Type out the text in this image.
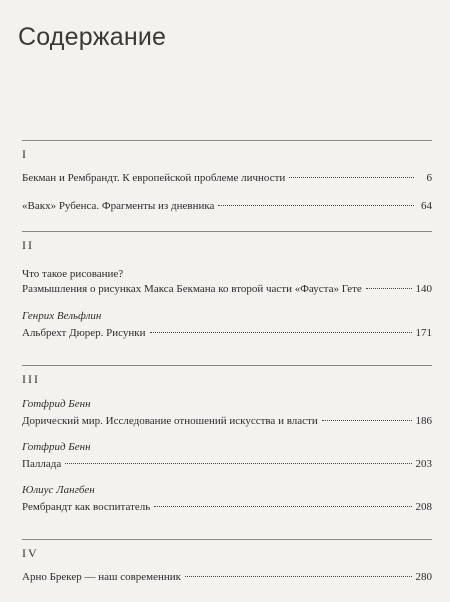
Содержание
I
Бекман и Рембрандт. К европейской проблеме личности	6
«Вакх» Рубенса. Фрагменты из дневника	64
II
Что такое рисование?
Размышления о рисунках Макса Бекмана ко второй части «Фауста» Гете	140
Генрих Вельфлин
Альбрехт Дюрер. Рисунки	171
III
Готфрид Бенн
Дорический мир. Исследование отношений искусства и власти	186
Готфрид Бенн
Паллада	203
Юлиус Лангбен
Рембрандт как воспитатель	208
IV
Арно Брекер — наш современник	280
